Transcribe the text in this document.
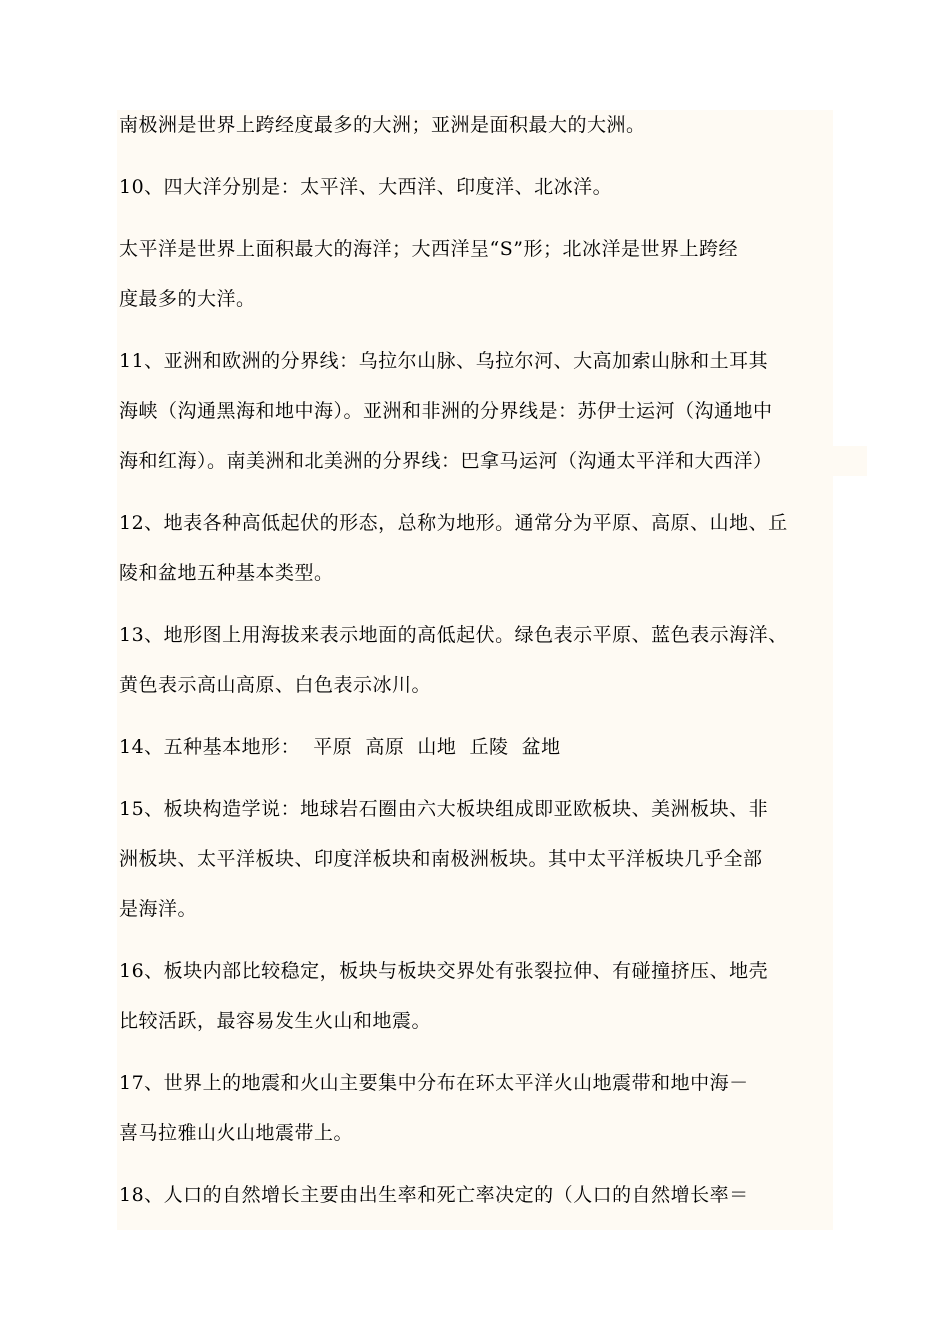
南极洲是世界上跨经度最多的大洲；亚洲是面积最大的大洲。
10、四大洋分别是：太平洋、大西洋、印度洋、北冰洋。
太平洋是世界上面积最大的海洋；大西洋呈“S”形；北冰洋是世界上跨经
度最多的大洋。
11、亚洲和欧洲的分界线：乌拉尔山脉、乌拉尔河、大高加索山脉和土耳其
海峡（沟通黑海和地中海）。亚洲和非洲的分界线是：苏伊士运河（沟通地中
海和红海）。南美洲和北美洲的分界线：巴拿马运河（沟通太平洋和大西洋）
12、地表各种高低起伏的形态，总称为地形。通常分为平原、高原、山地、丘
陵和盆地五种基本类型。
13、地形图上用海拔来表示地面的高低起伏。绿色表示平原、蓝色表示海洋、
黄色表示高山高原、白色表示冰川。
14、五种基本地形：  平原  高原  山地  丘陵  盆地
15、板块构造学说：地球岩石圈由六大板块组成即亚欧板块、美洲板块、非
洲板块、太平洋板块、印度洋板块和南极洲板块。其中太平洋板块几乎全部
是海洋。
16、板块内部比较稳定，板块与板块交界处有张裂拉伸、有碰撞挤压、地壳
比较活跃，最容易发生火山和地震。
17、世界上的地震和火山主要集中分布在环太平洋火山地震带和地中海－
喜马拉雅山火山地震带上。
18、人口的自然增长主要由出生率和死亡率决定的（人口的自然增长率＝
